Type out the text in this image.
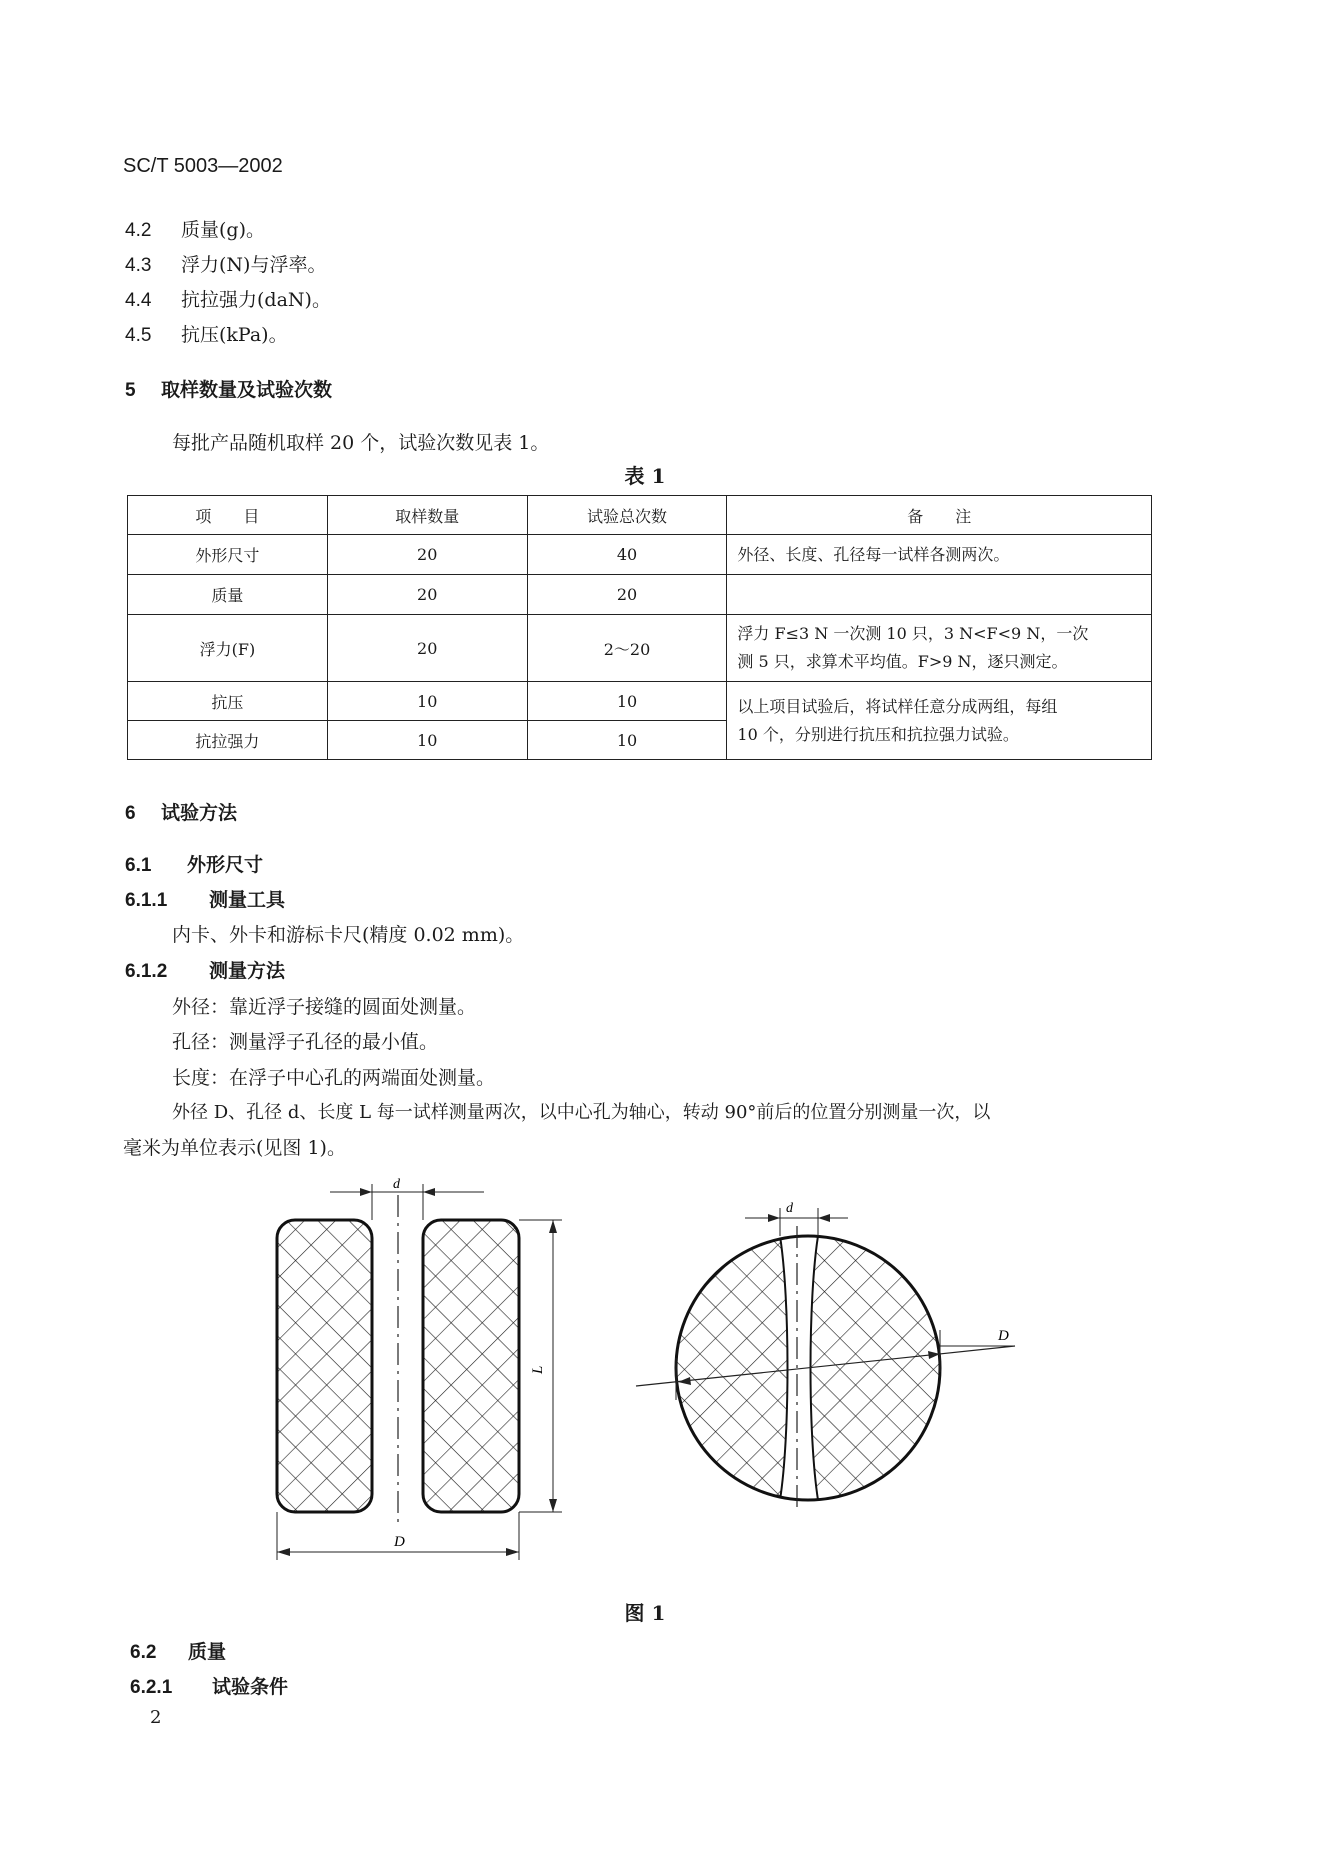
SC/T 5003—2002
4.2 质量(g)。
4.3 浮力(N)与浮率。
4.4 抗拉强力(daN)。
4.5 抗压(kPa)。
5 取样数量及试验次数
每批产品随机取样 20 个，试验次数见表 1。
表 1
项　　目	取样数量	试验总次数	备　　注
外形尺寸	20	40	外径、长度、孔径每一试样各测两次。
质量	20	20	
浮力(F)	20	2～20	浮力 F≤3 N 一次测 10 只，3 N<F<9 N，一次
测 5 只，求算术平均值。F>9 N，逐只测定。

抗压	10	10	以上项目试验后，将试样任意分成两组，每组
10 个，分别进行抗压和抗拉强力试验。

抗拉强力	10	10	
6 试验方法
6.1 外形尺寸
6.1.1 测量工具
内卡、外卡和游标卡尺(精度 0.02 mm)。
6.1.2 测量方法
外径：靠近浮子接缝的圆面处测量。
孔径：测量浮子孔径的最小值。
长度：在浮子中心孔的两端面处测量。
外径 D、孔径 d、长度 L 每一试样测量两次，以中心孔为轴心，转动 90°前后的位置分别测量一次，以
毫米为单位表示(见图 1)。
d
L
D
d
D
图 1
6.2 质量
6.2.1 试验条件
2
